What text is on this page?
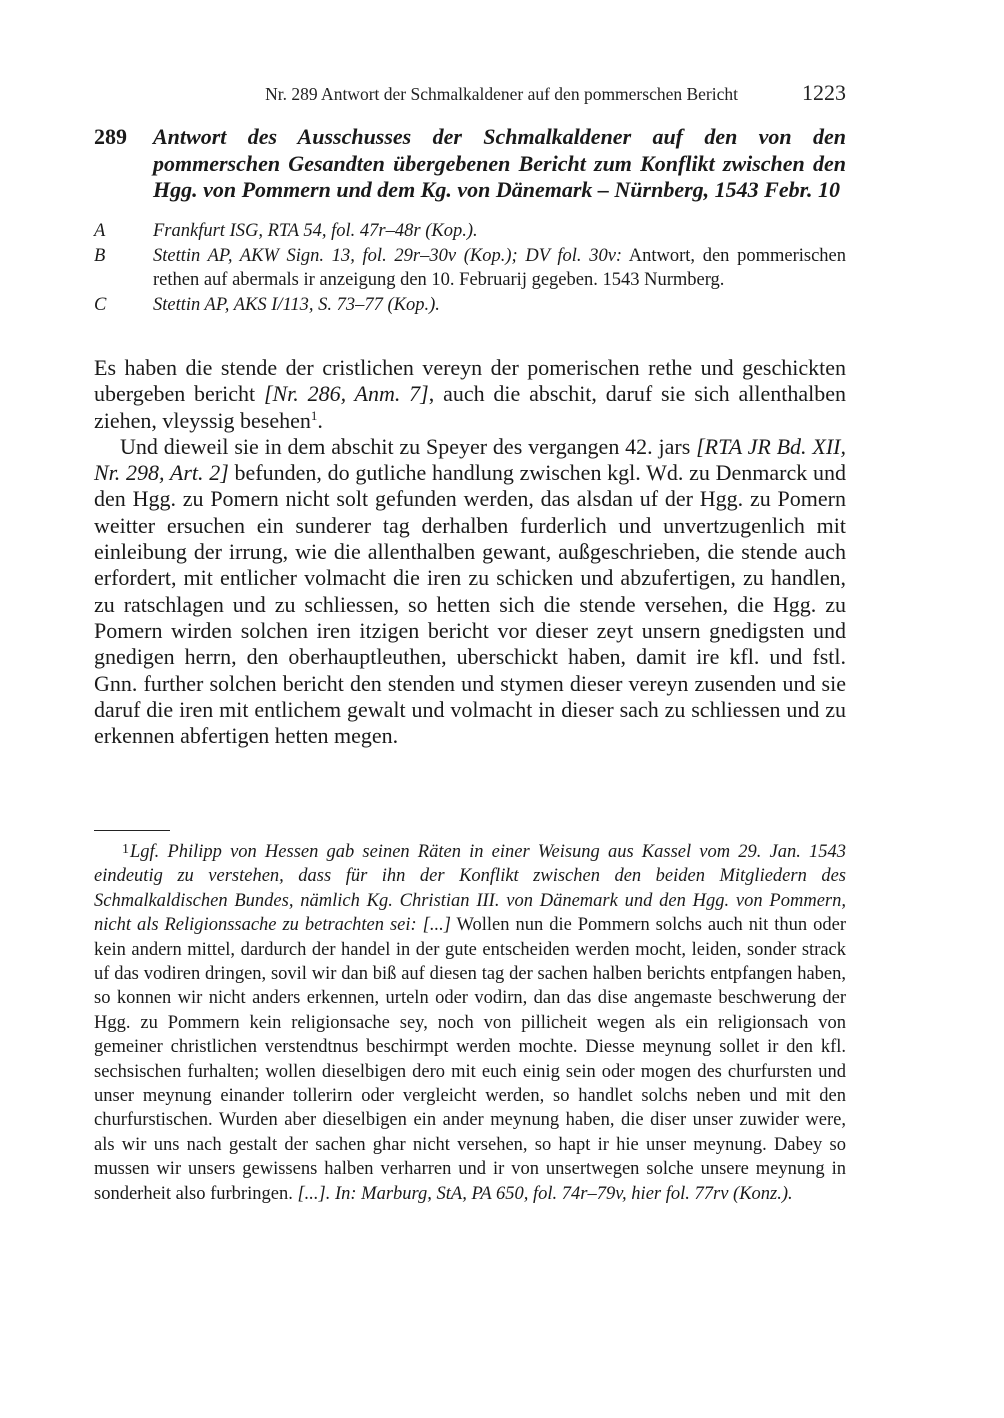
Nr. 289 Antwort der Schmalkaldener auf den pommerschen Bericht	1223
289 Antwort des Ausschusses der Schmalkaldener auf den von den pommerschen Gesandten übergebenen Bericht zum Konflikt zwischen den Hgg. von Pommern und dem Kg. von Dänemark – Nürnberg, 1543 Febr. 10
A	Frankfurt ISG, RTA 54, fol. 47r–48r (Kop.).
B	Stettin AP, AKW Sign. 13, fol. 29r–30v (Kop.); DV fol. 30v: Antwort, den pommerischen rethen auf abermals ir anzeigung den 10. Februarij gegeben. 1543 Nurmberg.
C	Stettin AP, AKS I/113, S. 73–77 (Kop.).

Es haben die stende der cristlichen vereyn der pomerischen rethe und geschickten ubergeben bericht [Nr. 286, Anm. 7], auch die abschit, daruf sie sich allenthalben ziehen, vleyssig besehen$^1$.

Und dieweil sie in dem abschit zu Speyer des vergangen 42. jars [RTA JR Bd. XII, Nr. 298, Art. 2] befunden, do gutliche handlung zwischen kgl. Wd. zu Denmarck und den Hgg. zu Pomern nicht solt gefunden werden, das alsdan uf der Hgg. zu Pomern weitter ersuchen ein sunderer tag derhalben furderlich und unvertzugenlich mit einleibung der irrung, wie die allenthalben gewant, außgeschrieben, die stende auch erfordert, mit entlicher volmacht die iren zu schicken und abzufertigen, zu handlen, zu ratschlagen und zu schliessen, so hetten sich die stende versehen, die Hgg. zu Pomern wirden solchen iren itzigen bericht vor dieser zeyt unsern gnedigsten und gnedigen herrn, den oberhauptleuthen, uberschickt haben, damit ire kfl. und fstl. Gnn. further solchen bericht den stenden und stymen dieser vereyn zusenden und sie daruf die iren mit entlichem gewalt und volmacht in dieser sach zu schliessen und zu erkennen abfertigen hetten megen.

1Lgf. Philipp von Hessen gab seinen Räten in einer Weisung aus Kassel vom 29. Jan. 1543 eindeutig zu verstehen, dass für ihn der Konflikt zwischen den beiden Mitgliedern des Schmalkaldischen Bundes, nämlich Kg. Christian III. von Dänemark und den Hgg. von Pommern, nicht als Religionssache zu betrachten sei: [...] Wollen nun die Pommern solchs auch nit thun oder kein andern mittel, dardurch der handel in der gute entscheiden werden mocht, leiden, sonder strack uf das vodiren dringen, sovil wir dan biß auf diesen tag der sachen halben berichts entpfangen haben, so konnen wir nicht anders erkennen, urteln oder vodirn, dan das dise angemaste beschwerung der Hgg. zu Pommern kein religionsache sey, noch von pillicheit wegen als ein religionsach von gemeiner christlichen verstendtnus beschirmpt werden mochte. Diesse meynung sollet ir den kfl. sechsischen furhalten; wollen dieselbigen dero mit euch einig sein oder mogen des churfursten und unser meynung einander tollerirn oder vergleicht werden, so handlet solchs neben und mit den churfurstischen. Wurden aber dieselbigen ein ander meynung haben, die diser unser zuwider were, als wir uns nach gestalt der sachen ghar nicht versehen, so hapt ir hie unser meynung. Dabey so mussen wir unsers gewissens halben verharren und ir von unsertwegen solche unsere meynung in sonderheit also furbringen. [...]. In: Marburg, StA, PA 650, fol. 74r–79v, hier fol. 77rv (Konz.).
